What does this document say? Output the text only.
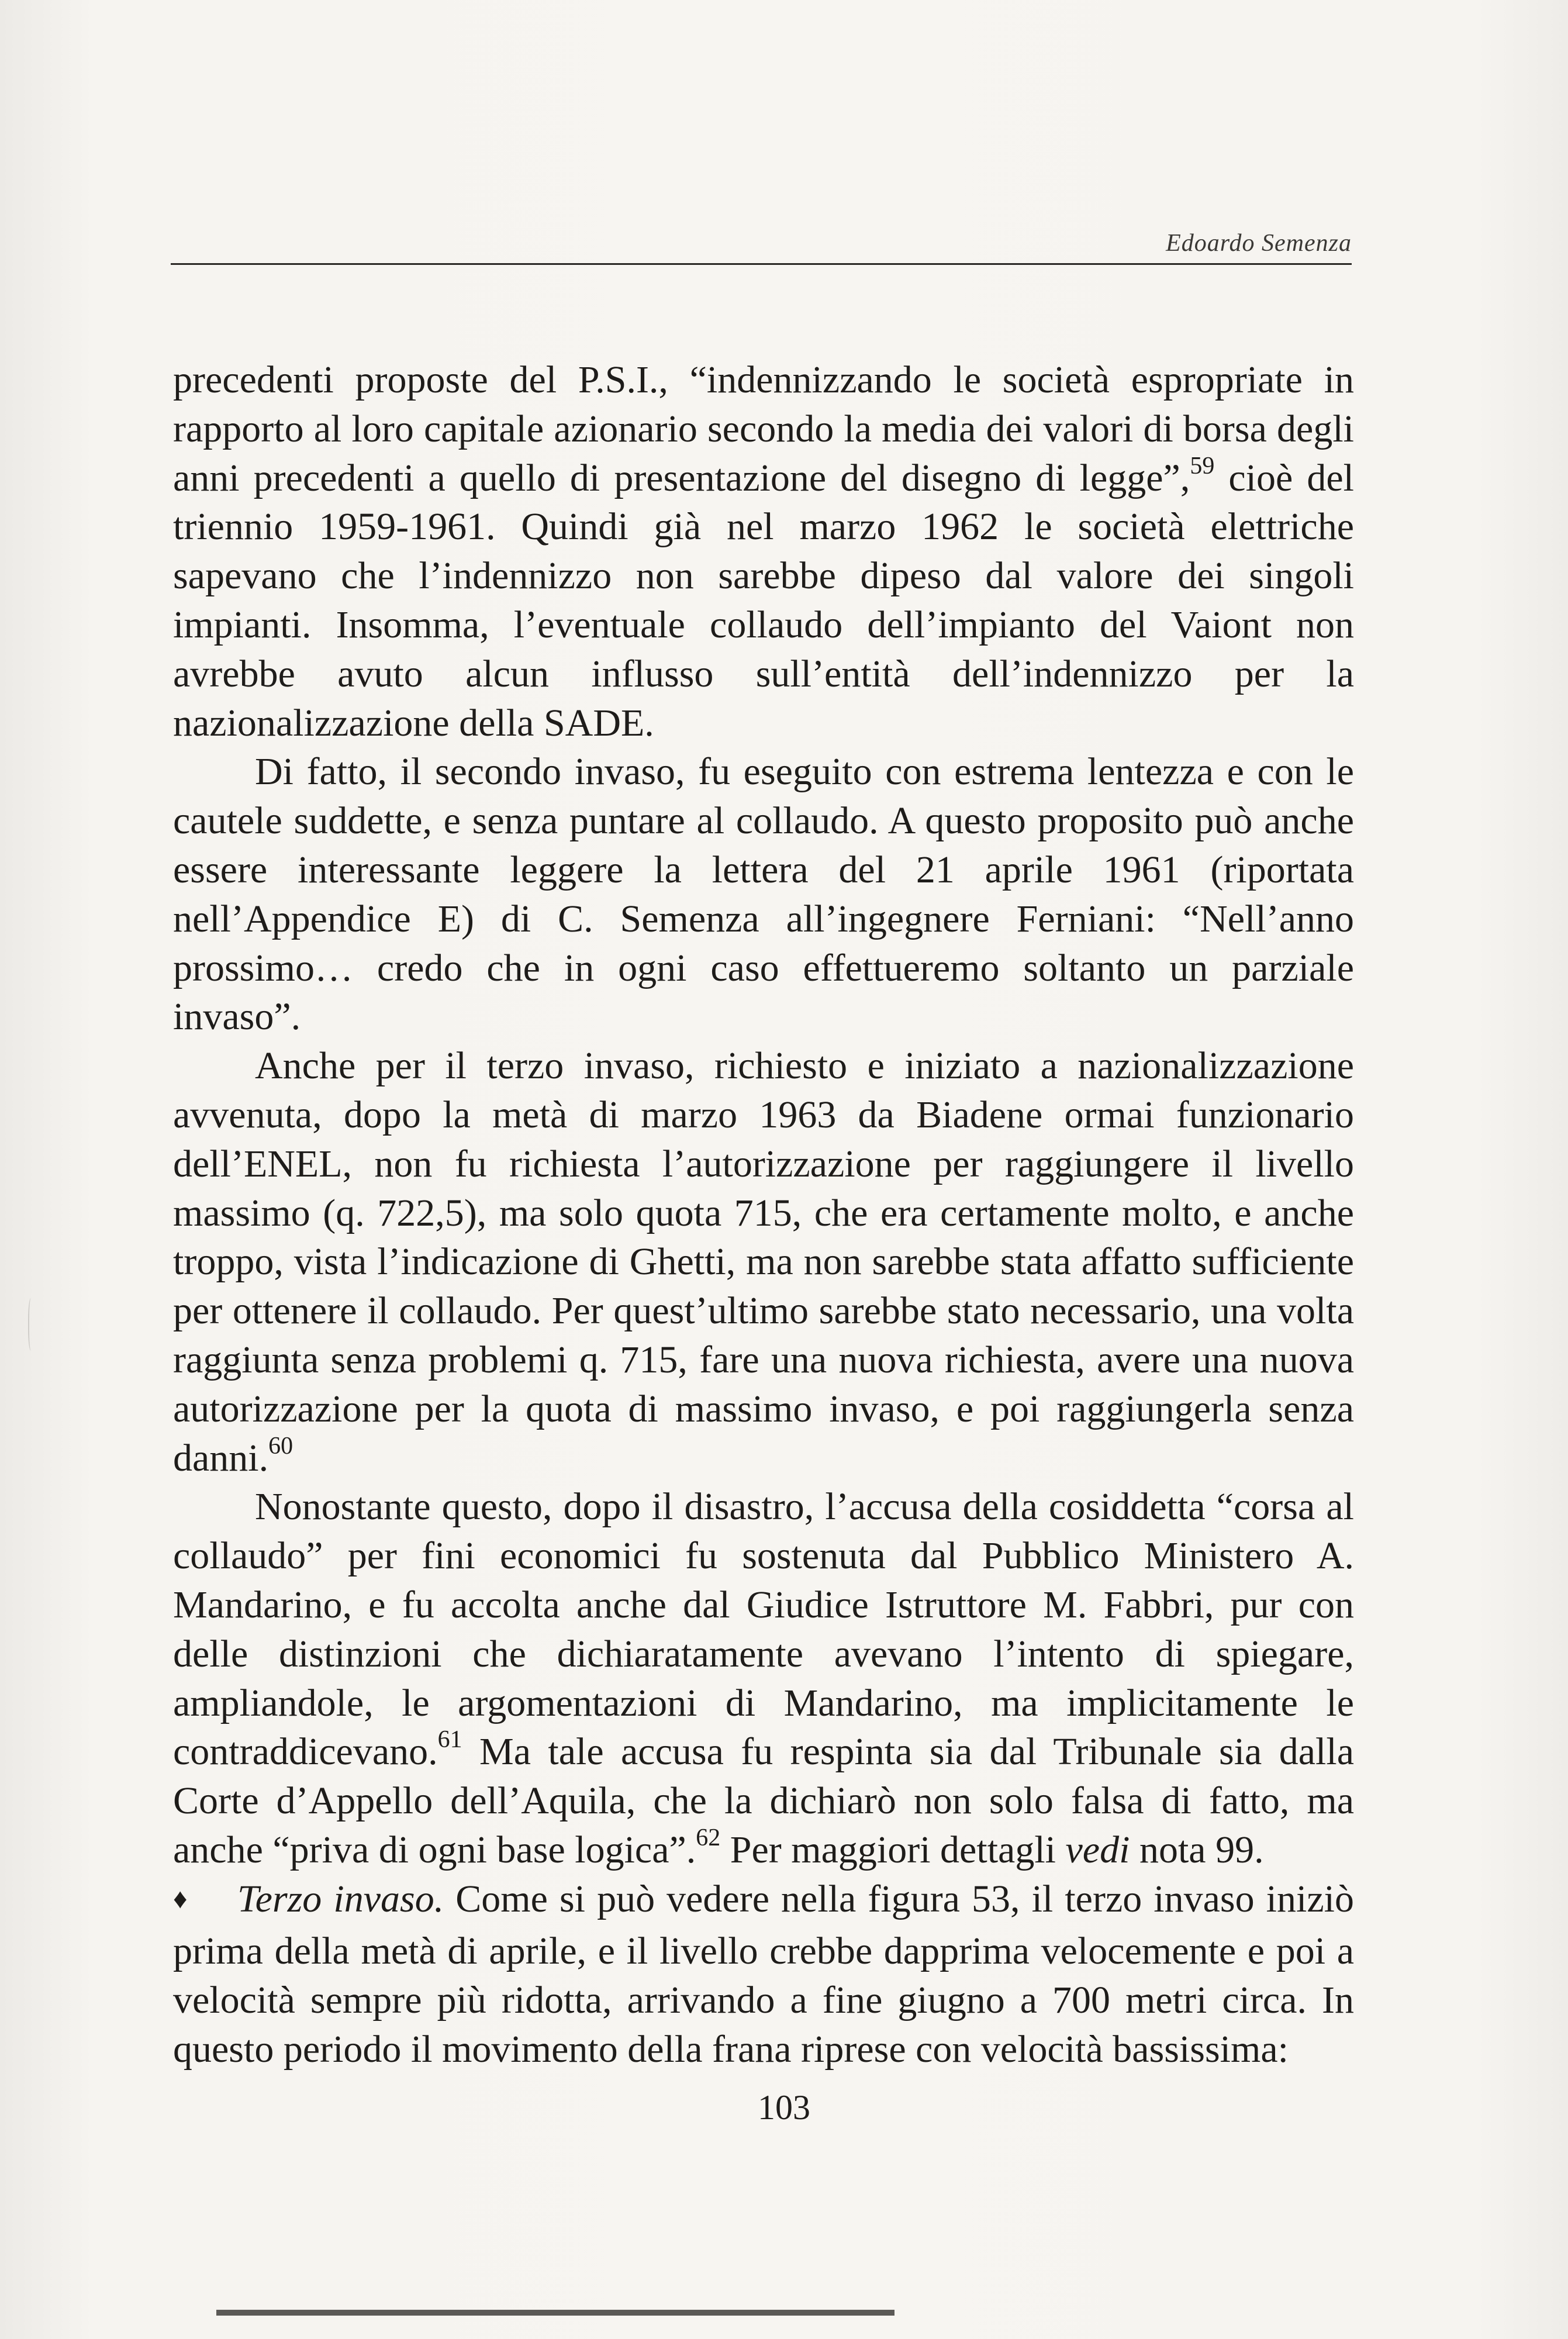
Edoardo Semenza

precedenti proposte del P.S.I., “indennizzando le società espropriate in rapporto al loro capitale azionario secondo la media dei valori di borsa degli anni precedenti a quello di presentazione del disegno di legge”,$^{59}$ cioè del triennio 1959-1961. Quindi già nel marzo 1962 le società elettriche sapevano che l’indennizzo non sarebbe dipeso dal valore dei singoli impianti. Insomma, l’eventuale collaudo dell’impianto del Vaiont non avrebbe avuto alcun influsso sull’entità dell’indennizzo per la nazionalizzazione della SADE.

Di fatto, il secondo invaso, fu eseguito con estrema lentezza e con le cautele suddette, e senza puntare al collaudo. A questo proposito può anche essere interessante leggere la lettera del 21 aprile 1961 (riportata nell’Appendice E) di C. Semenza all’ingegnere Ferniani: “Nell’anno prossimo… credo che in ogni caso effettueremo soltanto un parziale invaso”.

Anche per il terzo invaso, richiesto e iniziato a nazionalizzazione avvenuta, dopo la metà di marzo 1963 da Biadene ormai funzionario dell’ENEL, non fu richiesta l’autorizzazione per raggiungere il livello massimo (q. 722,5), ma solo quota 715, che era certamente molto, e anche troppo, vista l’indicazione di Ghetti, ma non sarebbe stata affatto sufficiente per ottenere il collaudo. Per quest’ultimo sarebbe stato necessario, una volta raggiunta senza problemi q. 715, fare una nuova richiesta, avere una nuova autorizzazione per la quota di massimo invaso, e poi raggiungerla senza danni.$^{60}$

Nonostante questo, dopo il disastro, l’accusa della cosiddetta “corsa al collaudo” per fini economici fu sostenuta dal Pubblico Ministero A. Mandarino, e fu accolta anche dal Giudice Istruttore M. Fabbri, pur con delle distinzioni che dichiaratamente avevano l’intento di spiegare, ampliandole, le argomentazioni di Mandarino, ma implicitamente le contraddicevano.$^{61}$ Ma tale accusa fu respinta sia dal Tribunale sia dalla Corte d’Appello dell’Aquila, che la dichiarò non solo falsa di fatto, ma anche “priva di ogni base logica”.$^{62}$ Per maggiori dettagli vedi nota 99.

♦ Terzo invaso. Come si può vedere nella figura 53, il terzo invaso iniziò prima della metà di aprile, e il livello crebbe dapprima velocemente e poi a velocità sempre più ridotta, arrivando a fine giugno a 700 metri circa. In questo periodo il movimento della frana riprese con velocità bassissima:

103
